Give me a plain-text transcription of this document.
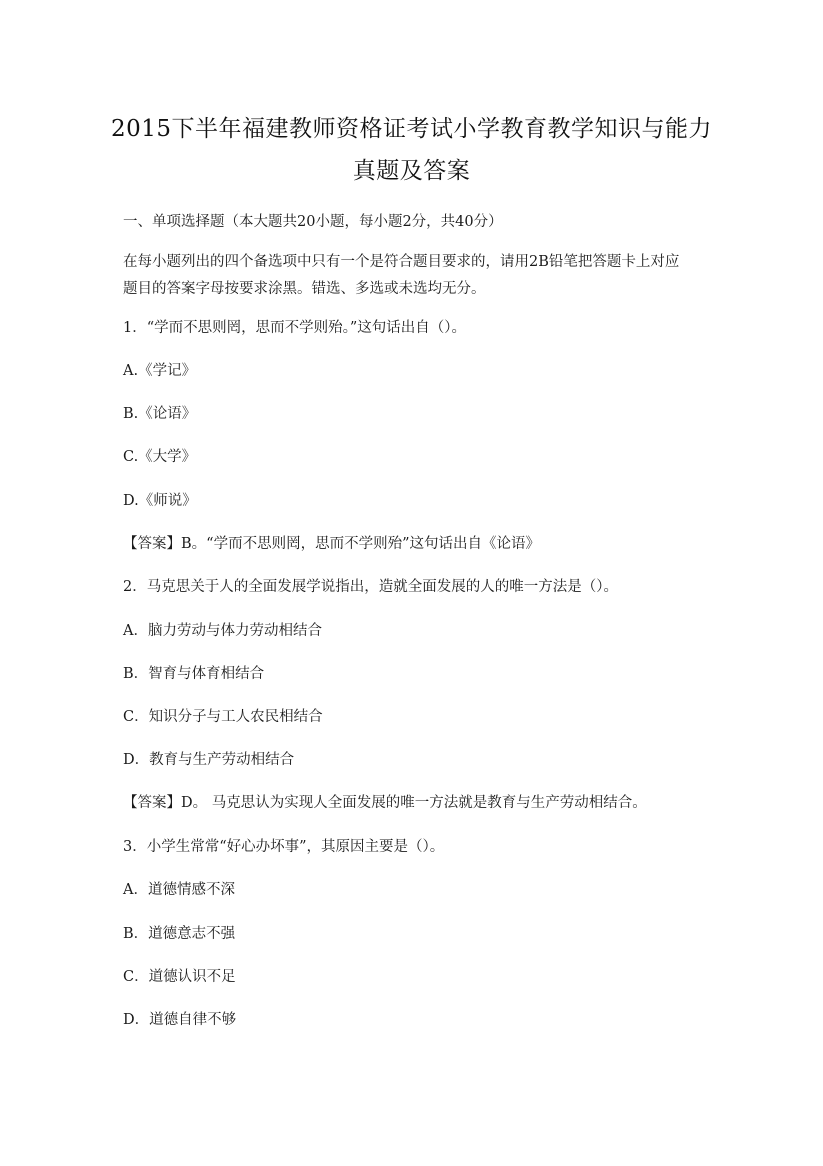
2015下半年福建教师资格证考试小学教育教学知识与能力
真题及答案
一、单项选择题（本大题共20小题，每小题2分，共40分）
在每小题列出的四个备选项中只有一个是符合题目要求的，请用2B铅笔把答题卡上对应
题目的答案字母按要求涂黑。错选、多选或未选均无分。
1．“学而不思则罔，思而不学则殆。”这句话出自（）。
A.《学记》
B.《论语》
C.《大学》
D.《师说》
【答案】B。“学而不思则罔，思而不学则殆”这句话出自《论语》
2．马克思关于人的全面发展学说指出，造就全面发展的人的唯一方法是（）。
A．脑力劳动与体力劳动相结合
B．智育与体育相结合
C．知识分子与工人农民相结合
D．教育与生产劳动相结合
【答案】D。 马克思认为实现人全面发展的唯一方法就是教育与生产劳动相结合。
3．小学生常常“好心办坏事”，其原因主要是（）。
A．道德情感不深
B．道德意志不强
C．道德认识不足
D．道德自律不够
